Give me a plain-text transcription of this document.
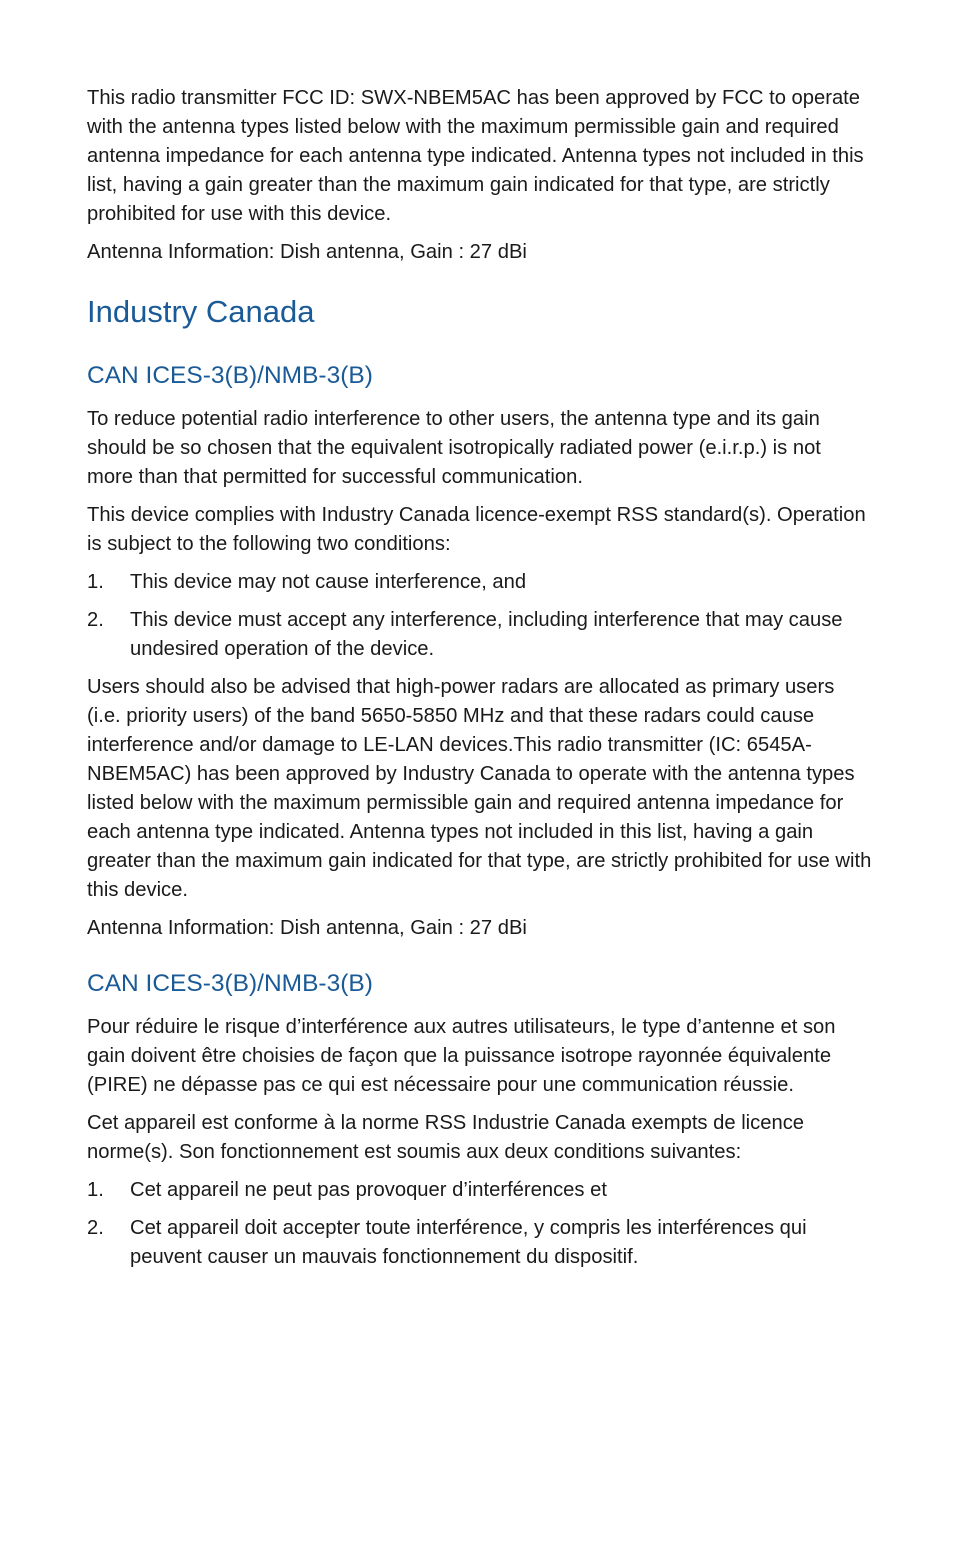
This radio transmitter FCC ID: SWX-NBEM5AC has been approved by FCC to operate with the antenna types listed below with the maximum permissible gain and required antenna impedance for each antenna type indicated. Antenna types not included in this list, having a gain greater than the maximum gain indicated for that type, are strictly prohibited for use with this device.

Antenna Information: Dish antenna, Gain : 27 dBi

Industry Canada
CAN ICES-3(B)/NMB-3(B)

To reduce potential radio interference to other users, the antenna type and its gain should be so chosen that the equivalent isotropically radiated power (e.i.r.p.) is not more than that permitted for successful communication.

This device complies with Industry Canada licence-exempt RSS standard(s). Operation is subject to the following two conditions:

1. This device may not cause interference, and
2. This device must accept any interference, including interference that may cause undesired operation of the device.

Users should also be advised that high-power radars are allocated as primary users (i.e. priority users) of the band 5650-5850 MHz and that these radars could cause interference and/or damage to LE-LAN devices.This radio transmitter (IC: 6545A-NBEM5AC) has been approved by Industry Canada to operate with the antenna types listed below with the maximum permissible gain and required antenna impedance for each antenna type indicated. Antenna types not included in this list, having a gain greater than the maximum gain indicated for that type, are strictly prohibited for use with this device.

Antenna Information: Dish antenna, Gain : 27 dBi

CAN ICES-3(B)/NMB-3(B)

Pour réduire le risque d’interférence aux autres utilisateurs, le type d’antenne et son gain doivent être choisies de façon que la puissance isotrope rayonnée équivalente (PIRE) ne dépasse pas ce qui est nécessaire pour une communication réussie.

Cet appareil est conforme à la norme RSS Industrie Canada exempts de licence norme(s). Son fonctionnement est soumis aux deux conditions suivantes:

1. Cet appareil ne peut pas provoquer d’interférences et
2. Cet appareil doit accepter toute interférence, y compris les interférences qui peuvent causer un mauvais fonctionnement du dispositif.
